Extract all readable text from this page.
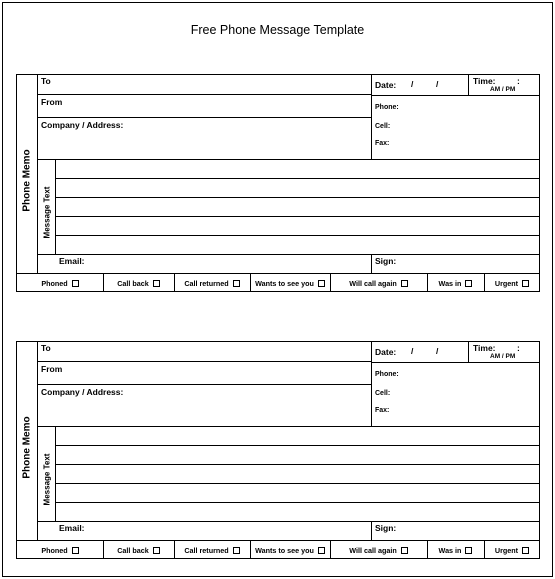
Free Phone Message Template
Phone Memo
Message Text
To
From
Company / Address:
Date: /	/	Time:	:
AM / PM
Phone:
Cell:
Fax:
Email:	Sign:
Phoned	Call back	Call returned	Wants to see you	Will call again	Was in	Urgent
Phone Memo
Message Text
To
From
Company / Address:
Date: /	/	Time:	:
AM / PM
Phone:
Cell:
Fax:
Email:	Sign:
Phoned	Call back	Call returned	Wants to see you	Will call again	Was in	Urgent
